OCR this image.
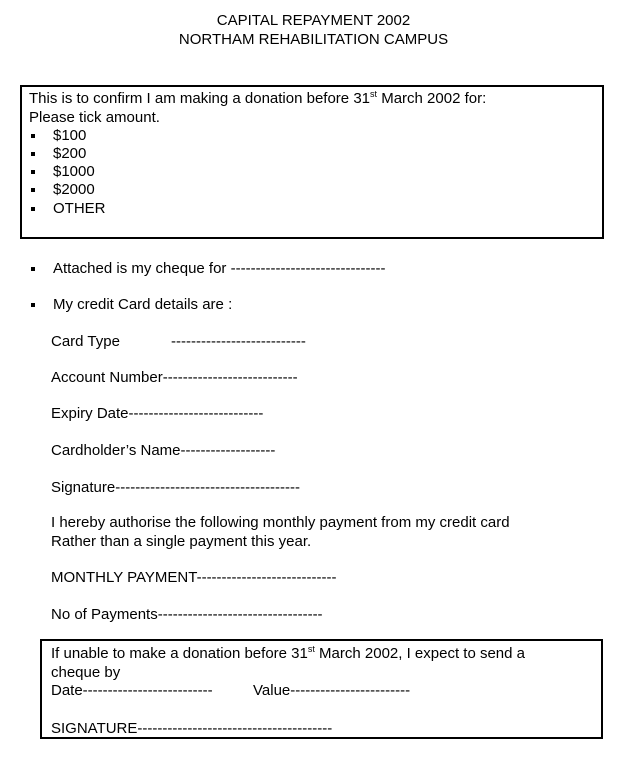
CAPITAL REPAYMENT 2002
NORTHAM REHABILITATION CAMPUS
This is to confirm I am making a donation before 31st March 2002 for:
Please tick amount.
$100
$200
$1000
$2000
OTHER
Attached is my cheque for -------------------------------
My credit Card details are :
Card Type	---------------------------
Account Number---------------------------
Expiry Date---------------------------
Cardholder’s Name-------------------
Signature-------------------------------------
I hereby authorise the following monthly payment from my credit card
Rather than a single payment this year.
MONTHLY PAYMENT----------------------------
No of Payments---------------------------------
If unable to make a donation before 31st March 2002, I expect to send a
cheque by
Date--------------------------	Value------------------------
SIGNATURE---------------------------------------
